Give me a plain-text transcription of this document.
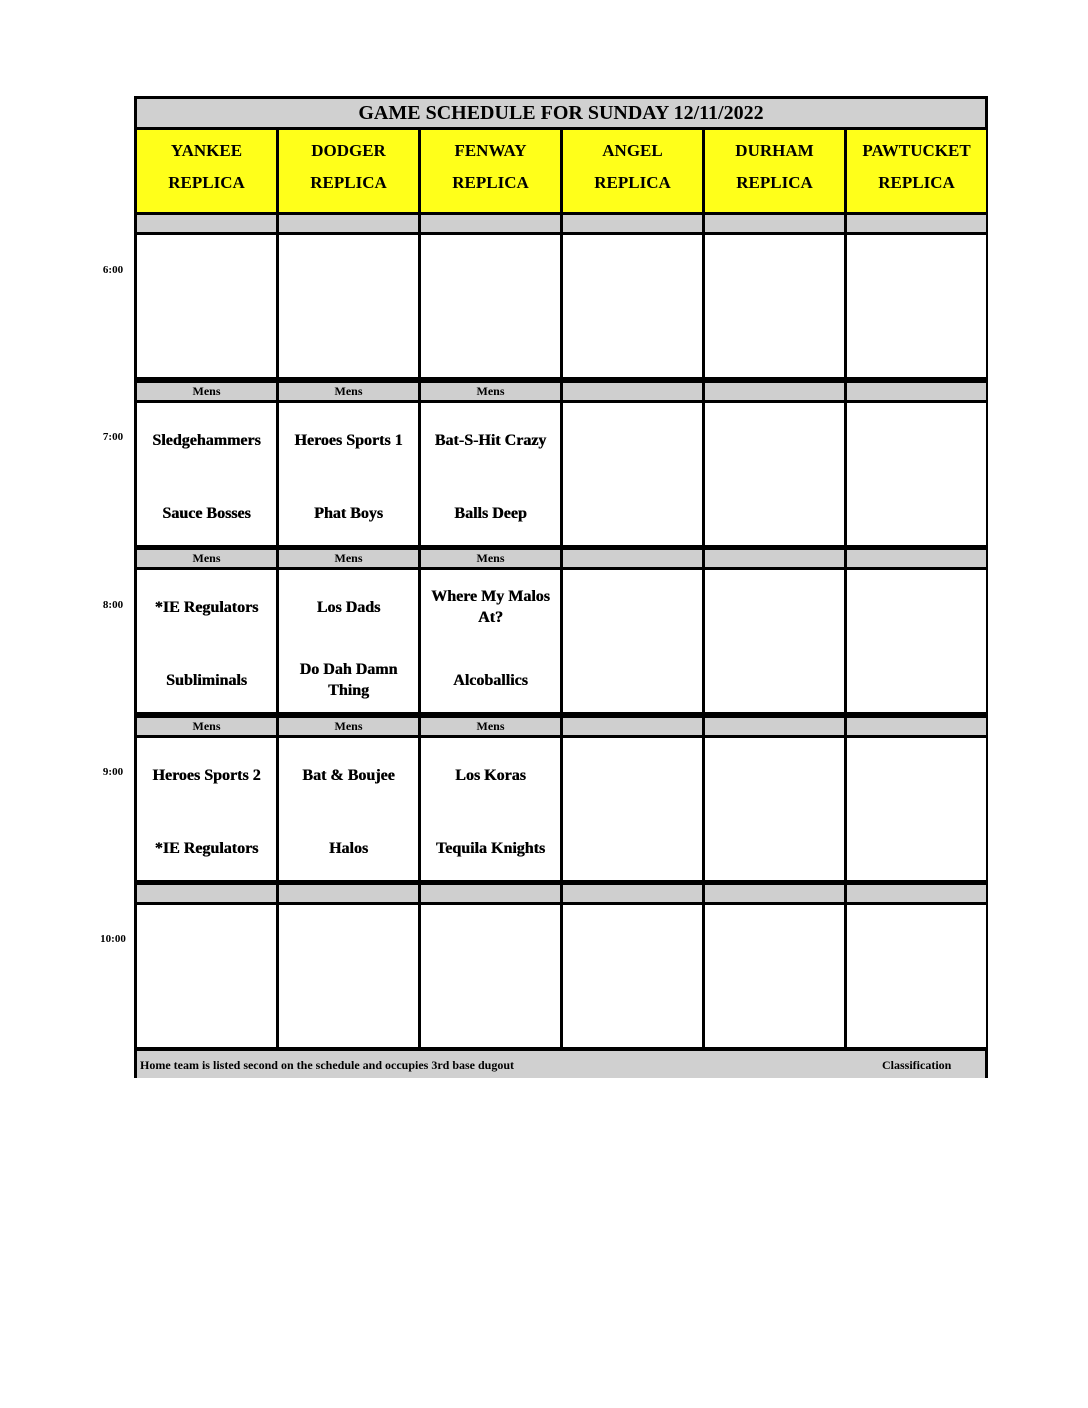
GAME SCHEDULE FOR SUNDAY 12/11/2022
YANKEE
REPLICA
DODGER
REPLICA
FENWAY
REPLICA
ANGEL
REPLICA
DURHAM
REPLICA
PAWTUCKET
REPLICA
Mens
Sledgehammers
Sauce Bosses
Mens
Heroes Sports 1
Phat Boys
Mens
Bat-S-Hit Crazy
Balls Deep
Mens
*IE Regulators
Subliminals
Mens
Los Dads
Do Dah Damn Thing
Mens
Where My Malos At?
Alcoballics
Mens
Heroes Sports 2
*IE Regulators
Mens
Bat & Boujee
Halos
Mens
Los Koras
Tequila Knights
Home team is listed second on the schedule and occupies 3rd base dugout	Classification
6:00
7:00
8:00
9:00
10:00
